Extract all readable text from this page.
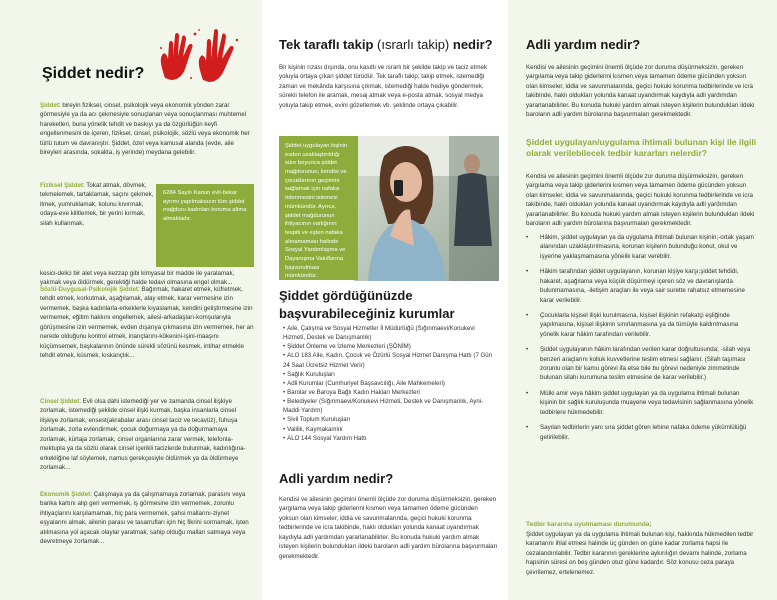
Şiddet nedir?

Şiddet: bireyin fiziksel, cinsel, psikolojik veya ekonomik yönden zarar görmesiyle ya da acı çekmesiyle sonuçlanan veya sonuçlanması muhtemel hareketleri, buna yönelik tehdit ve baskıyı ya da özgürlüğün keyfi engellenmesini de içeren, fiziksel, cinsel, psikolojik, sözlü veya ekonomik her türlü tutum ve davranıştır. Şiddet, özel veya kamusal alanda (evde, aile bireyleri arasında, sokakta, iş yerinde) meydana gelebilir.

Fiziksel Şiddet: Tokat atmak, dövmek, tekmelemek, tartaklamak, saçını çekmek, itmek, yumruklamak, kolunu kıvırmak, odaya-eve kilitlemek, bir yerini kırmak, silah kullanmak,

6284 Sayılı Kanun evli-bekar ayrımı yapılmaksızın tüm şiddet mağduru kadınları koruma altına almaktadır.

kesici-delici bir alet veya kezzap gibi kimyasal bir madde ile yaralamak, yakmak veya öldürmek, gerektiği halde tedavi olmasına engel olmak...

Sözlü-Duygusal-Psikolojik Şiddet: Bağırmak, hakaret etmek, küfretmek, tehdit etmek, korkutmak, aşağılamak, alay etmek, karar vermesine izin vermemek, başka kadınlarla-erkeklerle kıyaslamak, kendini geliştirmesine izin vermemek, eğitim hakkını engellemek, ailesi-arkadaşları-komşularıyla görüşmesine izin vermemek, evden dışarıya çıkmasına izin vermemek, her an nerede olduğunu kontrol etmek, inançlarını-kökenini-işini-maaşını küçümsemek, başkalarının önünde sürekli sözünü kesmek, intihar etmekle tehdit etmek, küsmek, kıskançlık...

Cinsel Şiddet: Evli olsa dahi istemediği yer ve zamanda cinsel ilişkiye zorlamak, istemediği şekilde cinsel ilişki kurmak, başka insanlarla cinsel ilişkiye zorlamak, ensest(akrabalar arası cinsel taciz ve tecavüz), fuhuşa zorlamak, zorla evlendirmek, çocuk doğurmaya ya da doğurmamaya zorlamak, kürtaja zorlamak, cinsel organlarına zarar vermek, telefonla-mektupla ya da sözlü olarak cinsel içerikli tacizlerde bulunmak, kadınlığına-erkekliğine laf söylemek, namus gerekçesiyle öldürmek ya da öldürmeye zorlamak...

Ekonomik Şiddet: Çalışmaya ya da çalışmamaya zorlamak, parasını veya banka kartını alıp geri vermemek, iş görmesine izin vermemek, zorunlu ihtiyaçlarını karşılamamak, hiç para vermemek, şahsi mallarını-ziynet eşyalarını almak, ailenin parası ve tasarrufları için hiç fikrini sormamak, işten atılmasına yol açacak olaylar yaratmak, sahip olduğu malları satmaya veya devretmeye zorlamak...

Tek taraflı takip (ısrarlı takip) nedir?

Bir kişinin rızası dışında, onu kasıtlı ve ısrarlı bir şekilde takip ve taciz etmek yoluyla ortaya çıkan şiddet türüdür. Tek taraflı takip; takip etmek, istemediği zaman ve mekânda karşısına çıkmak, istemediği halde hediye göndermek, sürekli telefon ile aramak, mesaj atmak veya e-posta atmak, sosyal medya yoluyla takip etmek, evini gözetlemek vb. şeklinde ortaya çıkabilir.

Şiddet uygulayan kişinin evden uzaklaştırıldığı süre boyunca şiddet mağdurunun, kendisi ve çocuklarının geçimini sağlamak için nafaka ödenmesini istemesi mümkündür. Ayrıca, şiddet mağdurunun ihtiyacının varlığının tespiti ve eşten nafaka alınamaması halinde Sosyal Yardımlaşma ve Dayanışma Vakıflarına başvurulması mümkündür.
Şiddet gördüğünüzde başvurabileceğiniz kurumlar
• Aile, Çalışma ve Sosyal Hizmetler İl Müdürlüğü (Sığınmaevi/Konukevi Hizmeti, Destek ve Danışmanlık)
• Şiddet Önleme ve İzleme Merkezleri (ŞÖNİM)
• ALO 183 Aile, Kadın, Çocuk ve Özürlü Sosyal Hizmet Danışma Hattı (7 Gün 24 Saat Ücretsiz Hizmet Verir)
• Sağlık Kuruluşları
• Adli Kurumlar (Cumhuriyet Başsavcılığı, Aile Mahkemeleri)
• Barolar ve Baroya Bağlı Kadın Hakları Merkezleri
• Belediyeler (Sığınmaevi/Konukevi Hizmeti, Destek ve Danışmanlık, Ayni-Maddi Yardım)
• Sivil Toplum Kuruluşları
• Valilik, Kaymakamlık
• ALO 144 Sosyal Yardım Hattı
Adli yardım nedir?

Kendisi ve ailesinin geçimini önemli ölçüde zor duruma düşürmeksizin, gereken yargılama veya takip giderlerini kısmen veya tamamen ödeme gücünden yoksun olan kimseler, iddia ve savunmalarında, geçici hukuki korunma tedbirlerinde ve icra takibinde, haklı oldukları yolunda kanaat uyandırmak kaydıyla adli yardımdan yararlanabilirler. Bu konuda hukuki yardım almak isteyen kişilerin bulundukları ildeki baroların adli yardım bürolarına başvurmaları gerekmektedir.

Adli yardım nedir?

Kendisi ve ailesinin geçimini önemli ölçüde zor duruma düşürmeksizin, gereken yargılama veya takip giderlerini kısmen veya tamamen ödeme gücünden yoksun olan kimseler, iddia ve savunmalarında, geçici hukuki korunma tedbirlerinde ve icra takibinde, haklı oldukları yolunda kanaat uyandırmak kaydıyla adli yardımdan yararlanabilirler. Bu konuda hukuki yardım almak isteyen kişilerin bulundukları ildeki baroların adli yardım bürolarına başvurmaları gerekmektedir.

Şiddet uygulayan/uygulama ihtimali bulunan kişi ile ilgili olarak verilebilecek tedbir kararları nelerdir?

Kendisi ve ailesinin geçimini önemli ölçüde zor duruma düşürmeksizin, gereken yargılama veya takip giderlerini kısmen veya tamamen ödeme gücünden yoksun olan kimseler, iddia ve savunmalarında, geçici hukuki korunma tedbirlerinde ve icra takibinde, haklı oldukları yolunda kanaat uyandırmak kaydıyla adli yardımdan yararlanabilirler. Bu konuda hukuki yardım almak isteyen kişilerin bulundukları ildeki baroların adli yardım bürolarına başvurmaları gerekmektedir.

• Hâkim, şiddet uygulayan ya da uygulama ihtimali bulunan kişinin;-ortak yaşam alanından uzaklaştırılmasına, korunan kişilerin bulunduğu konut, okul ve işyerine yaklaşmamasına yönelik karar verebilir.
• Hâkim tarafından şiddet uygulayanın, korunan kişiye karşı;şiddet tehdidi, hakaret, aşağılama veya küçük düşürmeyi içeren söz ve davranışlarda bulunmamasına, -iletişim araçları ile veya sair surette rahatsız etmemesine karar verilebilir.
• Çocuklarla kişisel ilişki kurulmasına, kişisel ilişkinin refakatçi eşliğinde yapılmasına, kişisel ilişkinin sınırlanmasına ya da tümüyle kaldırılmasına yönelik karar hâkim tarafından verilebilir.
• Şiddet uygulayanın hâkim tarafından verilen karar doğrultusunda; -silah veya benzeri araçlarını kolluk kuvvetlerine teslim etmesi sağlanır. (Silah taşıması zorunlu olan bir kamu görevi ifa etse bile bu görevi nedeniyle zimmetinde bulunan silahı kurumuna teslim etmesine de karar verilebilir.)
• Mülki amir veya hâkim şiddet uygulayan ya da uygulama ihtimali bulunan kişinin bir sağlık kuruluşunda muayene veya tedavisinin sağlanmasına yönelik tedbirlere hükmedebilir.
• Sayılan tedbirlerin yanı sıra şiddet gören lehine nafaka ödeme yükümlülüğü getirilebilir.
Tedbir kararına uyulmaması durumunda;

Şiddet uygulayan ya da uygulama ihtimali bulunan kişi, hakkında hükmedilen tedbir kararlarını ihlal etmesi halinde üç günden on güne kadar zorlama hapsi ile cezalandırılabilir. Tedbir kararının gereklerine aykırılığın devamı halinde, zorlama hapsinin süresi on beş günden otuz güne kadardır. Söz konusu ceza paraya çevrilemez, ertelenemez.
